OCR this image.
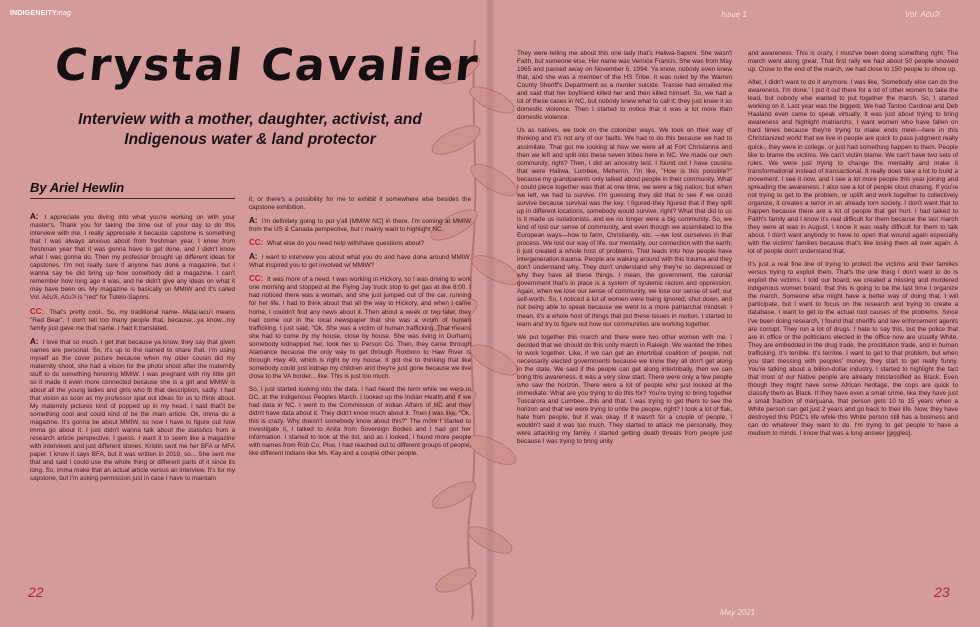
INDIGENEITYmag	Issue 1	Vol. Ačuʔi
Crystal Cavalier
Interview with a mother, daughter, activist, and Indigenous water & land protector
By Ariel Hewlin

A: I appreciate you diving into what you're working on with your master's. Thank you for taking the time out of your day to do this interview with me. I really appreciate it because capstone is something that I was always anxious about from freshman year. I knew from freshman year that it was gonna have to get done, and I didn't know what I was gonna do. Then my professor brought up different ideas for capstones. I'm not really sure if anyone has done a magazine, but I wanna say he did bring up how somebody did a magazine. I can't remember how long ago it was, and he didn't give any ideas on what it may have been on. My magazine is basically on MMIW and it's called Vol. Ačuʔi. Ačuʔi is "red" for Tutelo-Saponi.

CC: That's pretty cool.. So, my traditional name- Mata:iacu'i means "Red Bear", I don't tell too many people that, because...ya know...my family just gave me that name. I had it translated.

A: I love that so much. I get that because ya know, they say that given names are personal. So, it's up to the named to share that. I'm using myself as the cover picture because when my older cousin did my maternity shoot, she had a vision for the photo shoot after the maternity stuff to do something honoring MMIW. I was pregnant with my little girl so it made it even more connected because she is a girl and MMIW is about all the young ladies and girls who fit that description, sadly. I had that vision as soon as my professor spat out ideas for us to think about. My maternity pictures kind of popped up in my head. I said that'll be something cool and could kind of be the main article. Ok, imma do a magazine. It's gonna be about MMIW, so now I have to figure out how imma go about it. I just didn't wanna talk about the statistics from a research article perspective, I guess. I want it to seem like a magazine with interviews and just different stories. Kristin sent me her BFA or MFA paper. I know it says BFA, but it was written in 2019, so... She sent me that and said I could use the whole thing or different parts of it since its long. So, imma make that an actual article versus an interview. It's for my capstone, but I'm asking permission just in case I have to maintain

it, or there's a possibility for me to exhibit it somewhere else besides the capstone exhibition.

A: I'm definitely going to put y'all [MMIW NC] in there. I'm coming at MMIW from the US & Canada perspective, but I mainly want to highlight NC.

CC: What else do you need help with/have questions about?

A: I want to interview you about what you do and have done around MMIW. What inspired you to get involved w/ MMIW?

CC: It was more of a need. I was working in Hickory, so I was driving to work one morning and stopped at the Flying Jay truck stop to get gas at like 6:00. I had noticed there was a woman, and she just jumped out of the car, running for her life. I had to think about that all the way to Hickory, and when I came home, I couldn't find any news about it. Then about a week or two later, they had come out in the local newspaper that she was a victim of human trafficking. I just said, "Ok. She was a victim of human trafficking. That means she had to come by my house, close by house. She was living in Durham, somebody kidnapped her, took her to Person Co. Then, they came through Alamance because the only way to get through Roxboro to Haw River is through Hwy 49, which is right by my house. It got me to thinking that like somebody could just kidnap my children and they're just gone because we live close to the VA border... like. This is just too much.

So, I just started looking into the data. I had heard the term while we were in DC, at the Indigenous Peoples March. I looked up the Indian Health and if we had data in NC. I went to the Commission of Indian Affairs of NC and they didn't have data about it. They didn't know much about it. Then I was like, "Ok, this is crazy. Why doesn't somebody know about this?" The more I started to investigate it, I talked to Anita from Sovereign Bodies and I had got her information. I started to look at the list, and as I looked, I found more people with names from Rob Co. Plus, I had reached out to different groups of people, like different Indians like Ms. Kay and a couple other people.

They were telling me about this one lady that's Haliwa-Saponi. She wasn't Faith, but someone else. Her name was Vernice Francis. She was from May 1965 and passed away on November 6, 1994. Ya know, nobody even knew that, and she was a member of the HS Tribe. It was ruled by the Warren County Sheriff's Department as a murder suicide. Trassie had emailed me and said that her boyfriend killed her and then killed himself. So, we had a lot of these cases in NC, but nobody knew what to call it; they just knew it as domestic violence. Then I started to notice that it was a lot more than domestic violence.

Us as natives, we took on the colonizer ways. We took on their way of thinking and it's not any of our faults. We had to do this because we had to assimilate. That got me looking at how we were all at Fort Christanna and then we left and split into these seven tribes here in NC. We made our own community, right? Then, I did an ancestry test. I found out I have cousins that were Haliwa, Lumbee, Meherrin. I'm like, "How is this possible?" because my grandparents only talked about people in their community. What I could piece together was that at one time, we were a big nation; but when we left, we had to survive. I'm guessing they did that to see if we could survive because survival was the key. I figured-they figured that if they split up in different locations, somebody would survive, right? What that did to us is it made us isolationists, and we no longer were a big community. So, we kind of lost our sense of community, and even though we assimilated to the European ways—how to farm, Christianity, etc. —we lost ourselves in that process. We lost our way of life, our mentality, our connection with the earth; it just created a whole host of problems. That leads into how people have intergeneration trauma. People are walking around with this trauma and they don't understand why. They don't understand why they're so depressed or why they have all these things. I mean, the government, the colonial government that's in place is a system of systemic racism and oppression. Again, when we lose our sense of community, we lose our sense of self, our self-worth. So, I noticed a lot of women were being ignored, shut down, and not being able to speak because we went to a more patriarchal mindset. I mean, it's a whole host of things that put these issues in motion. I started to learn and try to figure out how our communities are working together.

We put together this march and there were two other women with me. I decided that we should do this unity march in Raleigh. We wanted the tribes to work together. Like, if we can get an intertribal coalition of people, not necessarily elected governments because we know they all don't get along in the state. We said if the people can get along intertribally, then we can bring this awareness. It was a very slow start. There were only a few people who saw the horizon. There were a lot of people who just looked at the immediate: What are you trying to do this for? You're trying to bring together Tuscarora and Lumbee...this and that. I was trying to get them to see the horizon and that we were trying to unite the people, right? I took a lot of flak, hate from people, but it was okay. If it wasn't for a couple of people, I wouldn't said it was too much. They started to attack me personally, they were attacking my family. I started getting death threats from people just because I was trying to bring unity

and awareness. This is crazy, I must've been doing something right. The march went along great. That first rally we had about 50 people showed up. Close to the end of the march, we had close to 150 people to show up.

After, I didn't want to do it anymore. I was like, 'Somebody else can do the awareness. I'm done.' I put it out there for a lot of other women to take the lead, but nobody else wanted to put together the march. So, I started working on it. Last year was the biggest. We had Tantoo Cardinal and Deb Haaland even came to speak virtually. It was just about trying to bring awareness and highlight matriarchs. I want women who have fallen on hard times because they're trying to make ends meet—here in this Christianized world that we live in people are quick to pass judgment really quick-, they were in college, or just had something happen to them. People like to blame the victims. We can't victim blame. We can't have two sets of rules. We were just trying to change the mentality and make it transformational instead of transactional. It really does take a lot to build a movement. I see it now, and I see a lot more people this year joining and spreading the awareness. I also see a lot of people clout chasing. If you're not trying to get to the problem, or uplift and work together to collectively organize, it creates a terror in an already torn society. I don't want that to happen because there are a lot of people that get hurt. I had talked to Faith's family and I know it's real difficult for them because the last march they were at was in August. I know it was really difficult for them to talk about. I don't want anybody to have to open that wound again especially with the victims' families because that's like losing them all over again. A lot of people don't understand that.

It's just a real fine line of trying to protect the victims and their families versus trying to exploit them. That's the one thing I don't want to do is exploit the victims. I told our board, we created a missing and murdered indigenous women board, that this is going to be the last time I organize the march. Someone else might have a better way of doing that. I will participate, but I want to focus on the research and trying to create a database. I want to get to the actual root causes of the problems. Since I've been doing research, I found that sheriffs and law enforcement agents are corrupt. They run a lot of drugs. I hate to say this, but the police that are in office or the politicians elected in the office now are usually White. They are embedded in the drug trade, the prostitution trade, and in human trafficking. It's terrible. It's terrible. I want to get to that problem, but when you start messing with peoples' money, they start to get really funny. You're talking about a billion-dollar industry. I started to highlight the fact that most of our Native people are already misclassified as Black. Even though they might have some African heritage, the cops are quick to classify them as Black. If they have even a small crime, like they have just a small fraction of marijuana, that person gets 10 to 15 years when a White person can get just 2 years and go back to their life. Now, they have destroyed this POC's life while this White person still has a business and can do whatever they want to do. I'm trying to get people to have a medium to minds. I know that was a long answer [giggles].

22	23
May 2021
